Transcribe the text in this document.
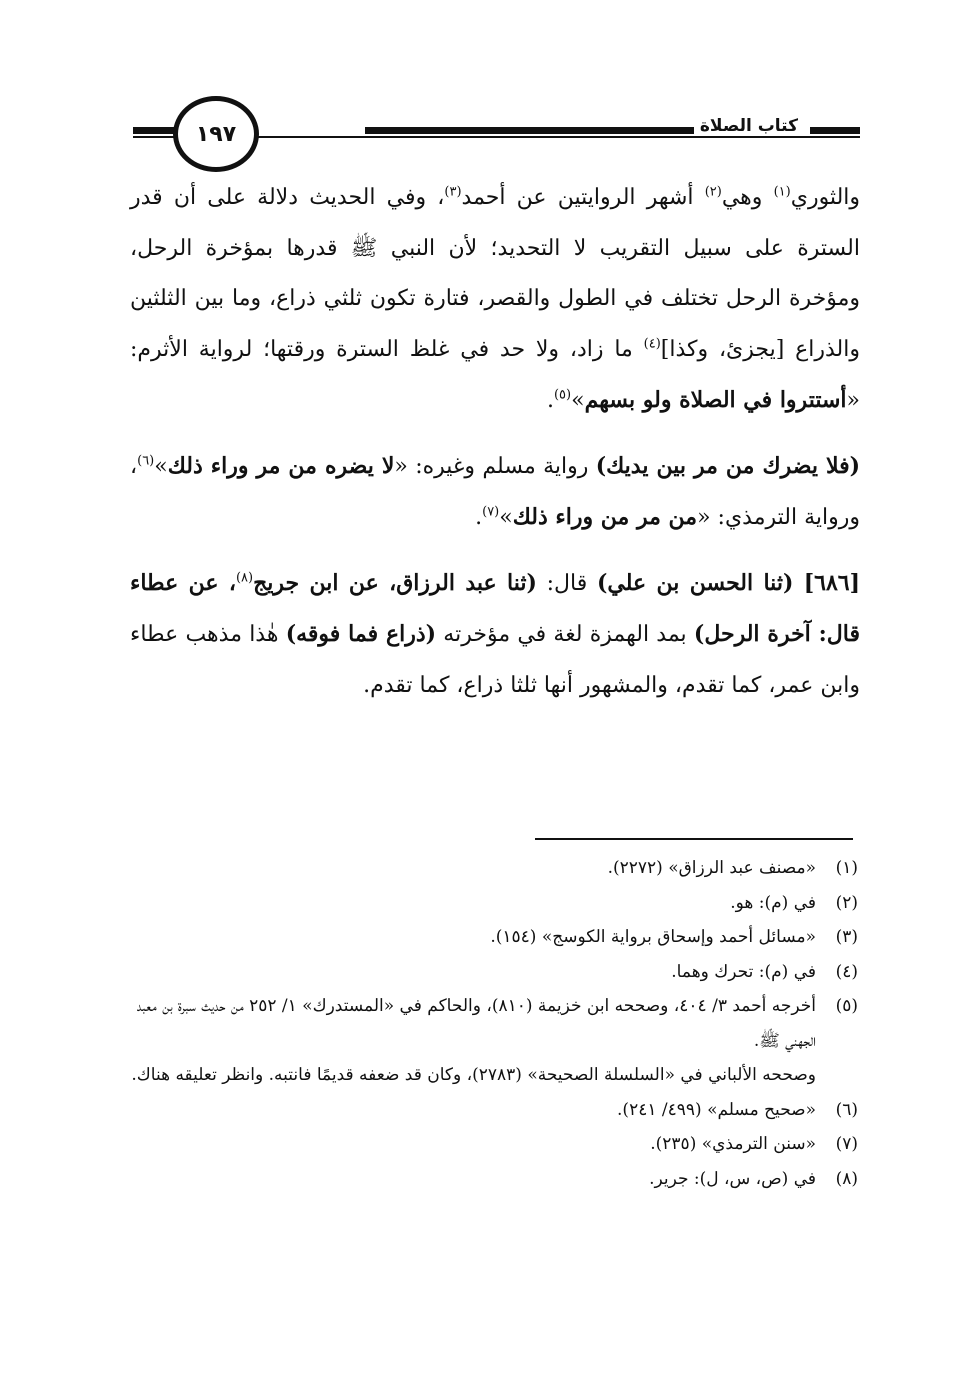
كتاب الصلاة
١٩٧

والثوري$^{(١)}$ وهي$^{(٢)}$ أشهر الروايتين عن أحمد$^{(٣)}$، وفي الحديث دلالة على أن قدر السترة على سبيل التقريب لا التحديد؛ لأن النبي ﷺ قدرها بمؤخرة الرحل، ومؤخرة الرحل تختلف في الطول والقصر، فتارة تكون ثلثي ذراع، وما بين الثلثين والذراع [يجزئ، وكذا]$^{(٤)}$ ما زاد، ولا حد في غلظ السترة ورقتها؛ لرواية الأثرم: «أستتروا في الصلاة ولو بسهم»$^{(٥)}$.

(فلا يضرك من مر بين يديك) رواية مسلم وغيره: «لا يضره من مر وراء ذلك»$^{(٦)}$، ورواية الترمذي: «من مر من وراء ذلك»$^{(٧)}$.

[٦٨٦] (ثنا الحسن بن علي) قال: (ثنا عبد الرزاق، عن ابن جريج$^{(٨)}$، عن عطاء قال: آخرة الرحل) بمد الهمزة لغة في مؤخرته (ذراع فما فوقه) هٰذا مذهب عطاء وابن عمر، كما تقدم، والمشهور أنها ثلثا ذراع، كما تقدم.

(١)
«مصنف عبد الرزاق» (٢٢٧٢).
(٢)
في (م): هو.
(٣)
«مسائل أحمد وإسحاق برواية الكوسج» (١٥٤).
(٤)
في (م): تحرك وهما.
(٥)
أخرجه أحمد ٣/ ٤٠٤، وصححه ابن خزيمة (٨١٠)، والحاكم في «المستدرك» ١/ ٢٥٢ من حديث سبرة بن معبد الجهني ﷺ.
وصححه الألباني في «السلسلة الصحيحة» (٢٧٨٣)، وكان قد ضعفه قديمًا فانتبه. وانظر تعليقه هناك.
(٦)
«صحيح مسلم» (٤٩٩/ ٢٤١).
(٧)
«سنن الترمذي» (٢٣٥).
(٨)
في (ص، س، ل): جرير.
